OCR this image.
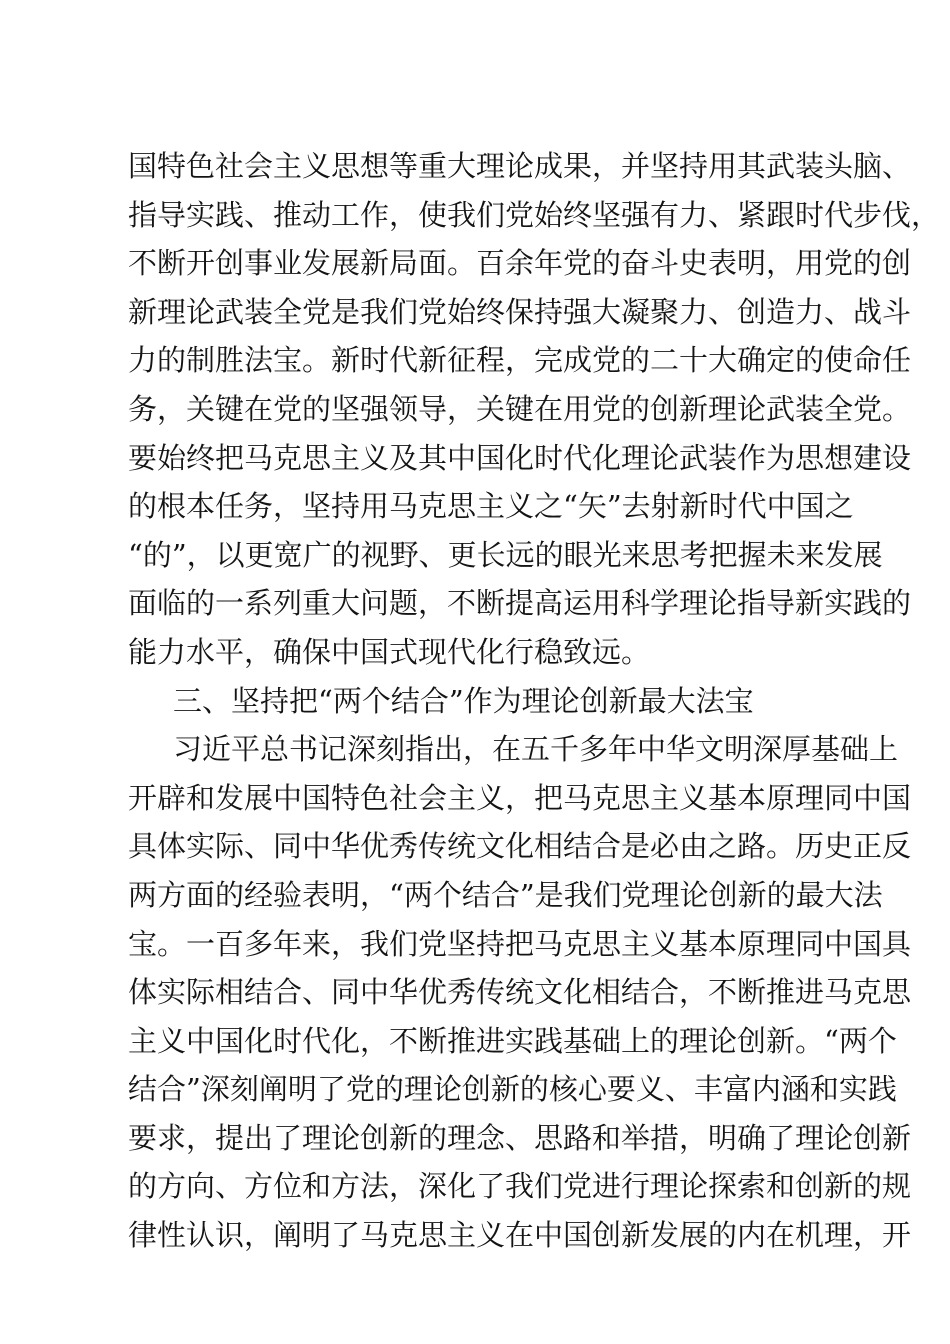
国特色社会主义思想等重大理论成果，并坚持用其武装头脑、
指导实践、推动工作，使我们党始终坚强有力、紧跟时代步伐，
不断开创事业发展新局面。百余年党的奋斗史表明，用党的创
新理论武装全党是我们党始终保持强大凝聚力、创造力、战斗
力的制胜法宝。新时代新征程，完成党的二十大确定的使命任
务，关键在党的坚强领导，关键在用党的创新理论武装全党。
要始终把马克思主义及其中国化时代化理论武装作为思想建设
的根本任务，坚持用马克思主义之“矢”去射新时代中国之
“的”，以更宽广的视野、更长远的眼光来思考把握未来发展
面临的一系列重大问题，不断提高运用科学理论指导新实践的
能力水平，确保中国式现代化行稳致远。
三、坚持把“两个结合”作为理论创新最大法宝
习近平总书记深刻指出，在五千多年中华文明深厚基础上
开辟和发展中国特色社会主义，把马克思主义基本原理同中国
具体实际、同中华优秀传统文化相结合是必由之路。历史正反
两方面的经验表明，“两个结合”是我们党理论创新的最大法
宝。一百多年来，我们党坚持把马克思主义基本原理同中国具
体实际相结合、同中华优秀传统文化相结合，不断推进马克思
主义中国化时代化，不断推进实践基础上的理论创新。“两个
结合”深刻阐明了党的理论创新的核心要义、丰富内涵和实践
要求，提出了理论创新的理念、思路和举措，明确了理论创新
的方向、方位和方法，深化了我们党进行理论探索和创新的规
律性认识，阐明了马克思主义在中国创新发展的内在机理，开
